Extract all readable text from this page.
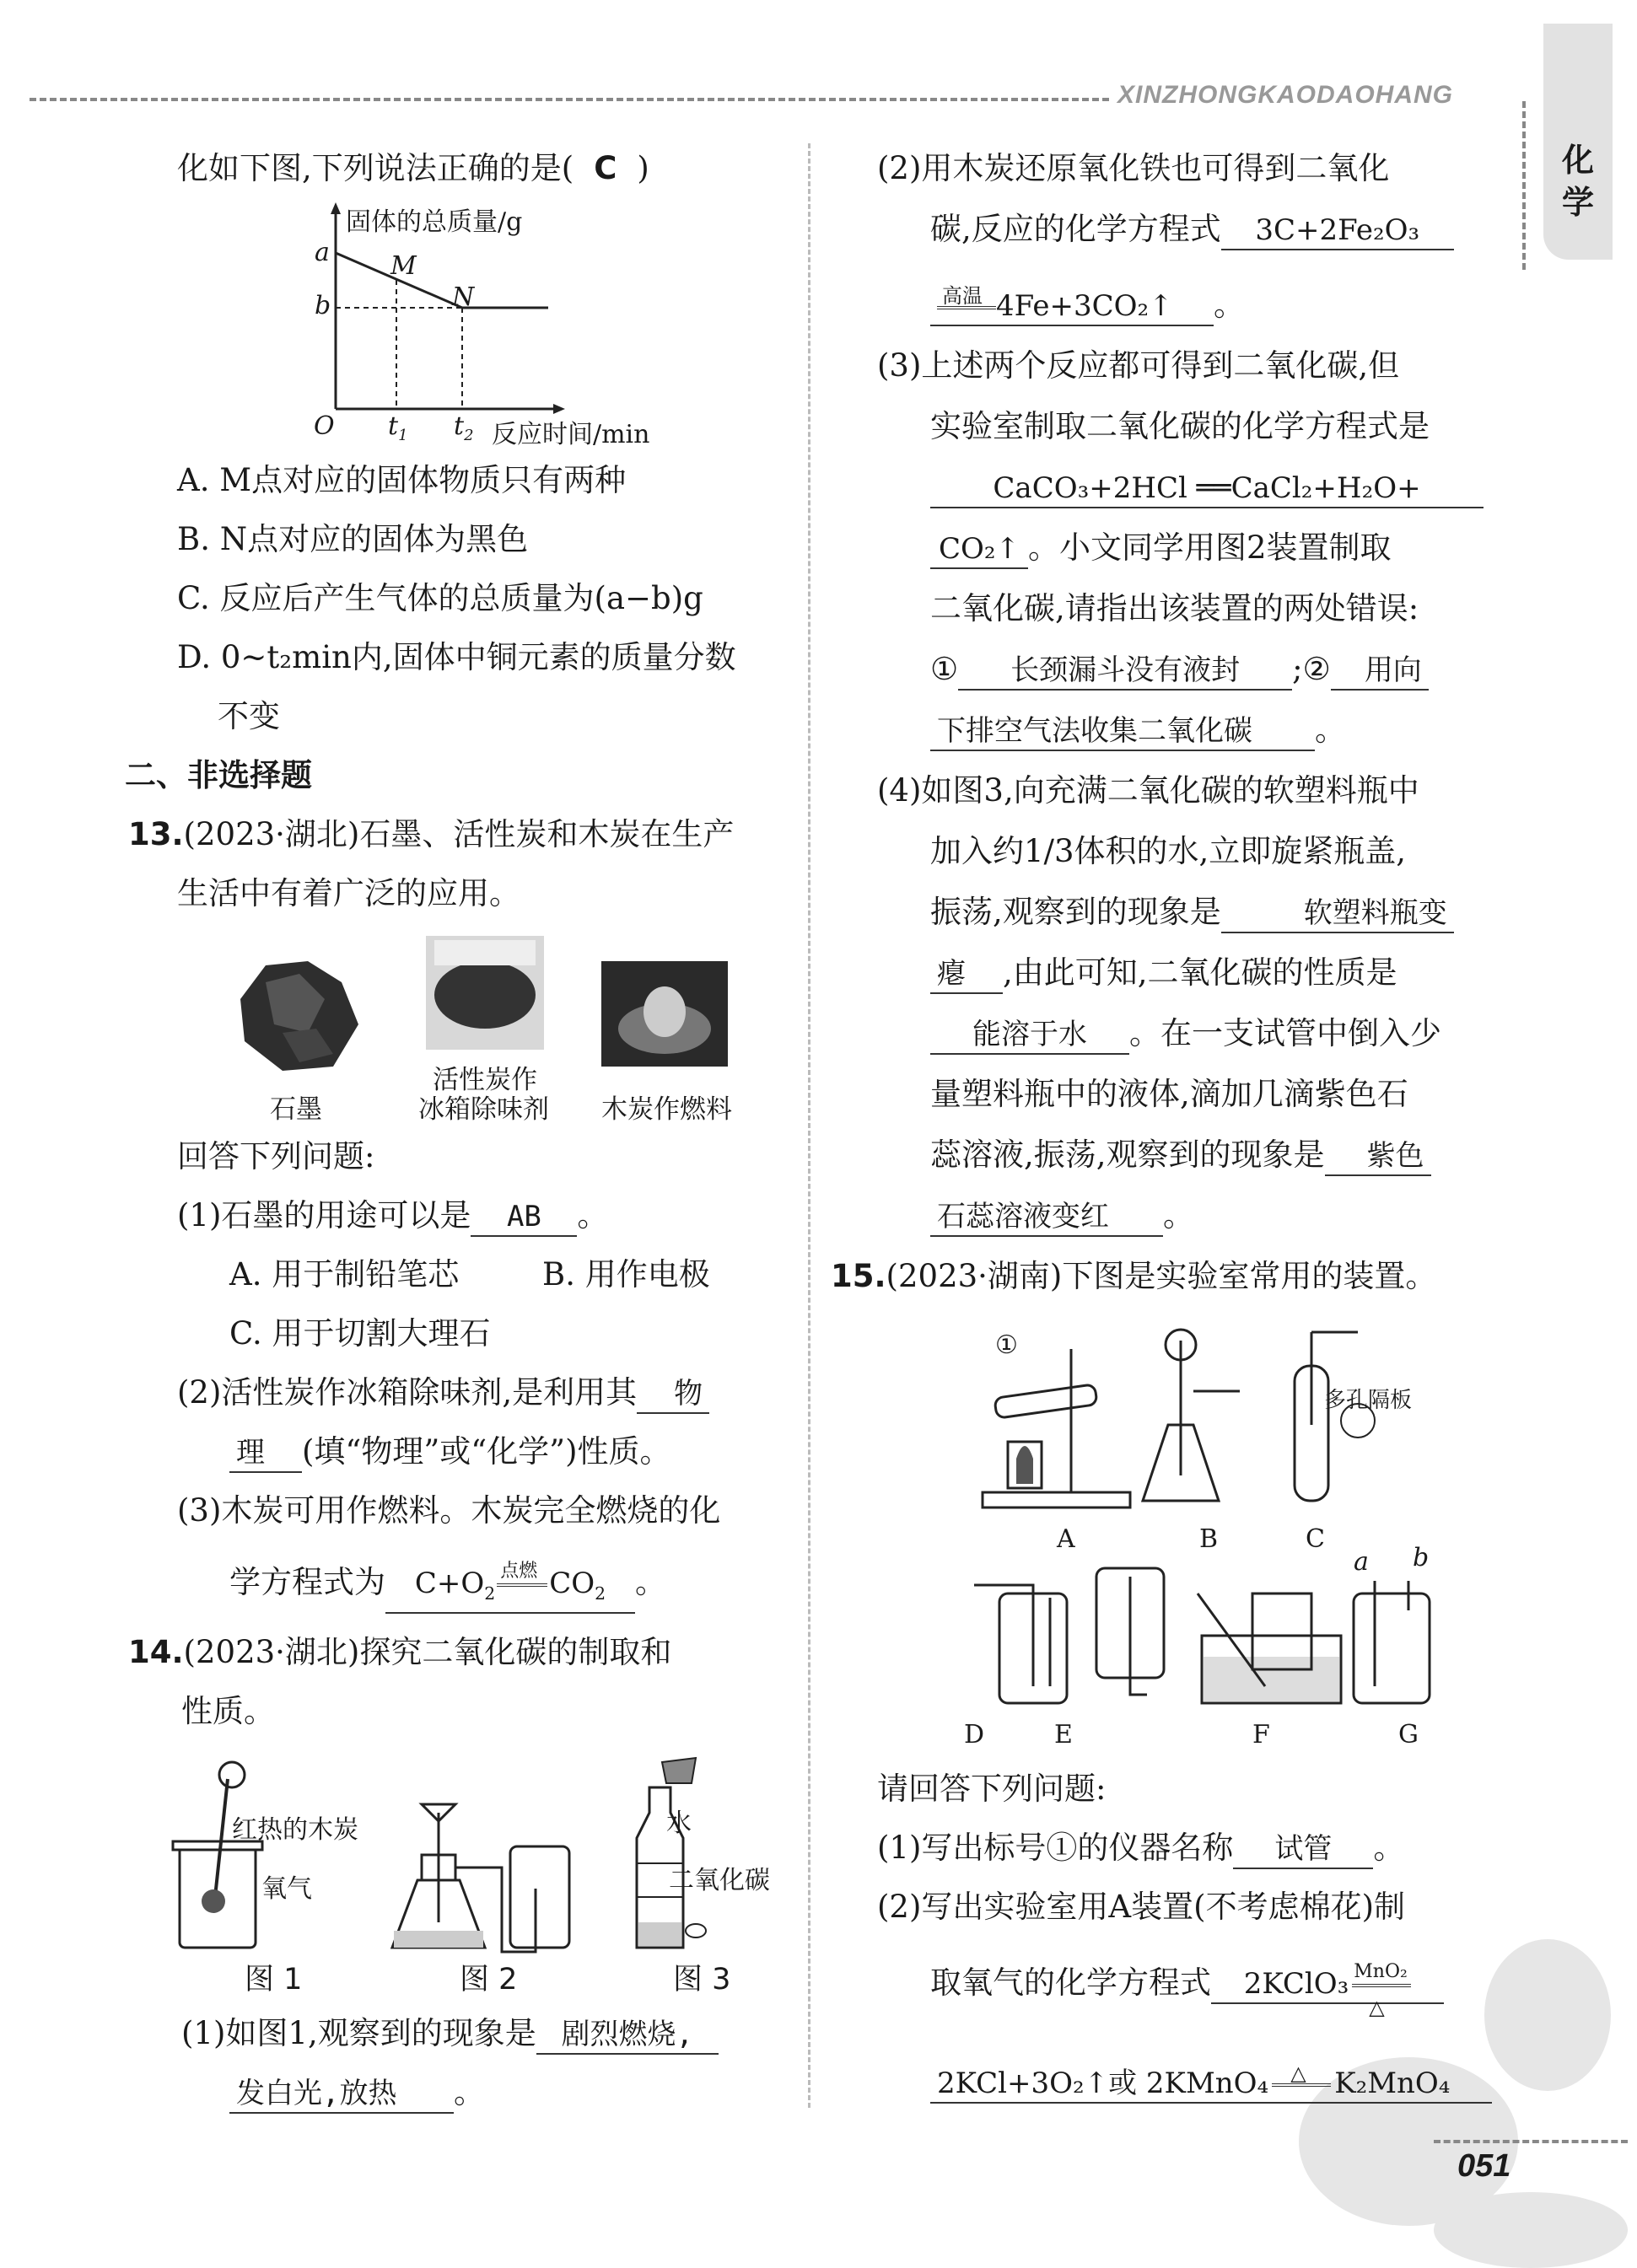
XINZHONGKAODAOHANG
化学
051
化如下图,下列说法正确的是( C )
固体的总质量/g
a
b
M
N
O $t_1$ $t_2$ 反应时间/min
A. M点对应的固体物质只有两种
B. N点对应的固体为黑色
C. 反应后产生气体的总质量为(a−b)g
D. 0~t₂min内,固体中铜元素的质量分数
不变
二、非选择题
13.(2023·湖北)石墨、活性炭和木炭在生产
生活中有着广泛的应用。
石墨
活性炭作
冰箱除味剂 木炭作燃料
回答下列问题:
(1)石墨的用途可以是 AB 。
A. 用于制铅笔芯	B. 用作电极
C. 用于切割大理石
(2)活性炭作冰箱除味剂,是利用其 物
理 (填“物理”或“化学”)性质。
(3)木炭可用作燃料。木炭完全燃烧的化
学方程式为 $C+O_2$
点燃 $CO_2$ 。
14.(2023·湖北)探究二氧化碳的制取和
性质。
红热的木炭
氧气
水
二氧化碳
图 1	图 2	图 3
(1)如图1,观察到的现象是 剧烈燃烧,
发白光,放热 。
(2)用木炭还原氧化铁也可得到二氧化
碳,反应的化学方程式 3C+2Fe₂O₃
高温 4Fe+3CO₂↑ 。
(3)上述两个反应都可得到二氧化碳,但
实验室制取二氧化碳的化学方程式是
CaCO₃+2HCl ══CaCl₂+H₂O+
CO₂↑ 。小文同学用图2装置制取
二氧化碳,请指出该装置的两处错误:
① 长颈漏斗没有液封 ;② 用向
下排空气法收集二氧化碳 。
(4)如图3,向充满二氧化碳的软塑料瓶中
加入约1/3体积的水,立即旋紧瓶盖,
振荡,观察到的现象是	软塑料瓶变
瘪 ,由此可知,二氧化碳的性质是
能溶于水 。在一支试管中倒入少
量塑料瓶中的液体,滴加几滴紫色石
蕊溶液,振荡,观察到的现象是 紫色
石蕊溶液变红 。
15.(2023·湖南)下图是实验室常用的装置。
①
多孔隔板
a b
A	B	C
D	E	F	G
请回答下列问题:
(1)写出标号①的仪器名称 试管 。
(2)写出实验室用A装置(不考虑棉花)制
取氧气的化学方程式 2KClO₃ MnO₂
△
2KCl+3O₂↑或 2KMnO₄ △ K₂MnO₄
